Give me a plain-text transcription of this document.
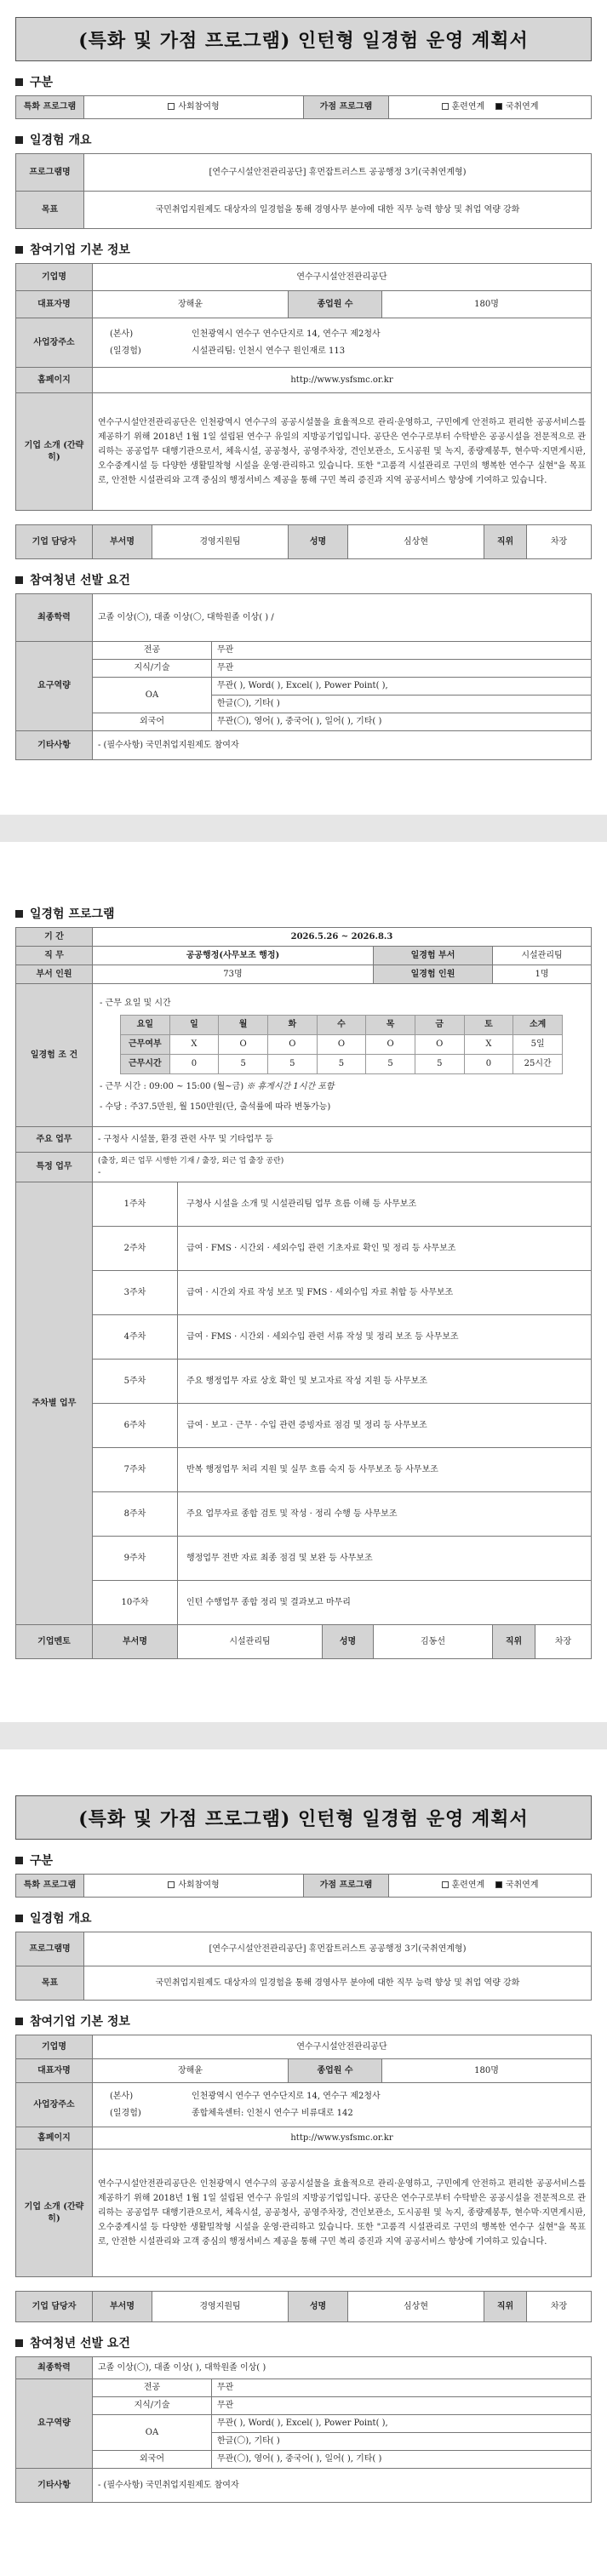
(특화 및 가점 프로그램) 인턴형 일경험 운영 계획서
구분
특화 프로그램	사회참여형	가점 프로그램	훈련연계 국취연계
일경험 개요
프로그램명	[연수구시설안전관리공단] 휴먼잡트러스트 공공행정 3기(국취연계형)
목표	국민취업지원제도 대상자의 일경험을 통해 경영사무 분야에 대한 직무 능력 향상 및 취업 역량 강화
참여기업 기본 정보
기업명	연수구시설안전관리공단		
대표자명	장해윤	종업원 수	180명
사업장주소	(본사) 인천광역시 연수구 연수단지로 14, 연수구 제2청사
(일경험) 시설관리팀: 인천시 연수구 원인재로 113		

홈페이지	http://www.ysfsmc.or.kr		
기업 소개 (간략히)	연수구시설안전관리공단은 인천광역시 연수구의 공공시설물을 효율적으로 관리·운영하고, 구민에게 안전하고 편리한 공공서비스를 제공하기 위해 2018년 1월 1일 설립된 연수구 유일의 지방공기업입니다. 공단은 연수구로부터 수탁받은 공공시설을 전문적으로 관리하는 공공업무 대행기관으로서, 체육시설, 공공청사, 공영주차장, 견인보관소, 도시공원 및 녹지, 종량제봉투, 현수막·지면게시판, 오수중계시설 등 다양한 생활밀착형 시설을 운영·관리하고 있습니다. 또한 "고품격 시설관리로 구민의 행복한 연수구 실현"을 목표로, 안전한 시설관리와 고객 중심의 행정서비스 제공을 통해 구민 복리 증진과 지역 공공서비스 향상에 기여하고 있습니다.		
기업 담당자	부서명	경영지원팀	성명	심상현	직위	차장
참여청년 선발 요건
최종학력	고졸 이상(〇), 대졸 이상(〇, 대학원졸 이상( ) /	
요구역량	전공	무관
	지식/기술	무관
	OA	무관( ), Word( ), Excel( ), Power Point( ),
		한글(〇), 기타( )
	외국어	무관(〇), 영어( ), 중국어( ), 일어( ), 기타( )
기타사항	- (필수사항) 국민취업지원제도 참여자	
일경험 프로그램
기 간	2026.5.26 ~ 2026.8.3
직 무	공공행정(사무보조 행정)	일경험 부서	시설관리팀
부서 인원	73명	일경험 인원	1명
일경험 조 건	
- 근무 요일 및 시간
요일	일	월	화	수	목	금	토	소계
근무여부	X	O	O	O	O	O	X	5일
근무시간	0	5	5	5	5	5	0	25시간
- 근무 시간 : 09:00 ~ 15:00 (월~금) ※ 휴게시간 1시간 포함
- 수당 : 주37.5만원, 월 150만원(단, 출석률에 따라 변동가능)

주요 업무	- 구청사 시설물, 환경 관련 사무 및 기타업무 등
특정 업무	
(출장, 외근 업무 시행한 기재 / 출장, 외근 업 출장 공란)
-

주차별 업무	1주차	구청사 시설을 소개 및 시설관리팀 업무 흐름 이해 등 사무보조
2주차	급여 · FMS · 시간외 · 세외수입 관련 기초자료 확인 및 정리 등 사무보조
3주차	급여 · 시간외 자료 작성 보조 및 FMS · 세외수입 자료 취합 등 사무보조
4주차	급여 · FMS · 시간외 · 세외수입 관련 서류 작성 및 정리 보조 등 사무보조
5주차	주요 행정업무 자료 상호 확인 및 보고자료 작성 지원 등 사무보조
6주차	급여 · 보고 · 근무 · 수입 관련 증빙자료 점검 및 정리 등 사무보조
7주차	반복 행정업무 처리 지원 및 실무 흐름 숙지 등 사무보조 등 사무보조
8주차	주요 업무자료 종합 검토 및 작성 · 정리 수행 등 사무보조
9주차	행정업무 전반 자료 최종 점검 및 보완 등 사무보조
10주차	인턴 수행업무 종합 정리 및 결과보고 마무리
기업멘토	부서명	시설관리팀	성명	김동선	직위	차장
(특화 및 가점 프로그램) 인턴형 일경험 운영 계획서
구분
특화 프로그램	사회참여형	가점 프로그램	훈련연계 국취연계
일경험 개요
프로그램명	[연수구시설안전관리공단] 휴먼잡트러스트 공공행정 3기(국취연계형)
목표	국민취업지원제도 대상자의 일경험을 통해 경영사무 분야에 대한 직무 능력 향상 및 취업 역량 강화
참여기업 기본 정보
기업명	연수구시설안전관리공단		
대표자명	장해윤	종업원 수	180명
사업장주소	(본사) 인천광역시 연수구 연수단지로 14, 연수구 제2청사
(일경험) 종합체육센터: 인천시 연수구 비류대로 142		

홈페이지	http://www.ysfsmc.or.kr		
기업 소개 (간략히)	연수구시설안전관리공단은 인천광역시 연수구의 공공시설물을 효율적으로 관리·운영하고, 구민에게 안전하고 편리한 공공서비스를 제공하기 위해 2018년 1월 1일 설립된 연수구 유일의 지방공기업입니다. 공단은 연수구로부터 수탁받은 공공시설을 전문적으로 관리하는 공공업무 대행기관으로서, 체육시설, 공공청사, 공영주차장, 견인보관소, 도시공원 및 녹지, 종량제봉투, 현수막·지면게시판, 오수중계시설 등 다양한 생활밀착형 시설을 운영·관리하고 있습니다. 또한 "고품격 시설관리로 구민의 행복한 연수구 실현"을 목표로, 안전한 시설관리와 고객 중심의 행정서비스 제공을 통해 구민 복리 증진과 지역 공공서비스 향상에 기여하고 있습니다.		
기업 담당자	부서명	경영지원팀	성명	심상현	직위	차장
참여청년 선발 요건
최종학력	고졸 이상(〇), 대졸 이상( ), 대학원졸 이상( )	
요구역량	전공	무관
	지식/기술	무관
	OA	무관( ), Word( ), Excel( ), Power Point( ),
		한글(〇), 기타( )
	외국어	무관(〇), 영어( ), 중국어( ), 일어( ), 기타( )
기타사항	- (필수사항) 국민취업지원제도 참여자	
